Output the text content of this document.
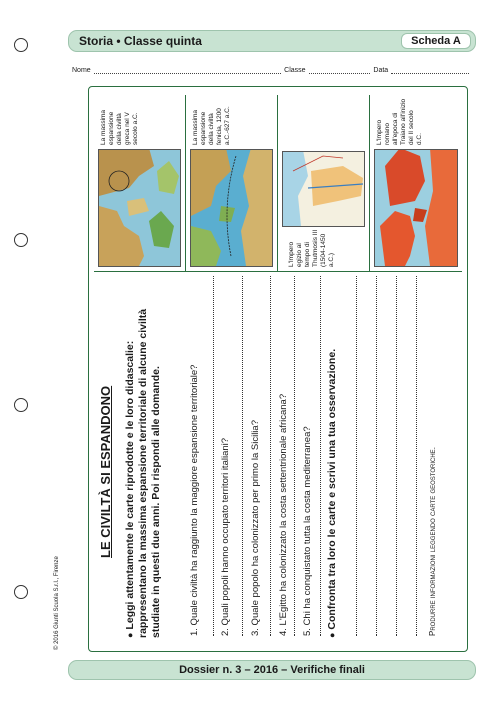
Storia • Classe quinta	Scheda A
Nome	Classe	Data
© 2016 Giunti Scuola S.r.l., Firenze
LE CIVILTÀ SI ESPANDONO ● Leggi attentamente le carte riprodotte e le loro didascalie: rappresentano la massima espansione territoriale di alcune civiltà studiate in questi due anni. Poi rispondi alle domande.	1. Quale civiltà ha raggiunto la maggiore espansione territoriale? 2. Quali popoli hanno occupato territori italiani? 3. Quale popolo ha colonizzato per primo la Sicilia? 4. L'Egitto ha colonizzato la costa settentrionale africana? 5. Chi ha conquistato tutta la costa mediterranea? ● Confronta tra loro le carte e scrivi una tua osservazione.	Produrre informazioni leggendo carte geostoriche.
La massima espansione della civiltà greca nel V secolo a.C.	La massima espansione della civiltà fenicia, 1200 a.C.-627 a.C.
L'Impero egizio al tempo di Thutmosis III (1504-1450 a.C.)
L'Impero romano all'epoca di Traiano all'inizio del II secolo d.C.
Dossier n. 3 – 2016 – Verifiche finali
